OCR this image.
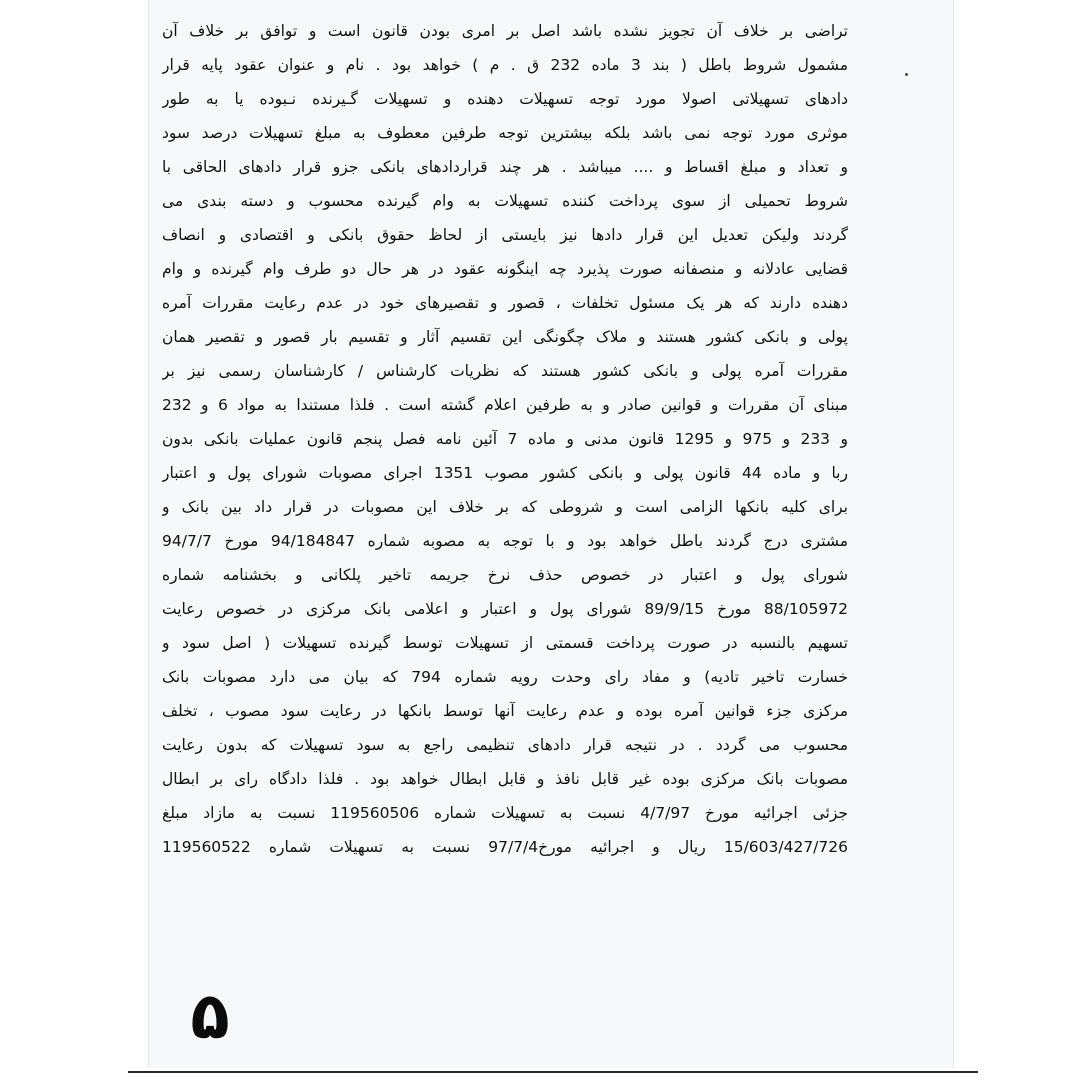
تراضی بر خلاف آن تجویز نشده باشد اصل بر امری بودن قانون است و توافق بر خلاف آن
مشمول شروط باطل ( بند 3 ماده 232 ق . م ) خواهد بود . نام و عنوان عقود پایه قرار
دادهای تسهیلاتی اصولا مورد توجه تسهیلات دهنده و تسهیلات گـیرنده نـبوده یا به طور
موثری مورد توجه نمی باشد بلکه بیشترین توجه طرفین معطوف به مبلغ تسهیلات درصد سود
و تعداد و مبلغ اقساط و .... میباشد . هر چند قراردادهای بانکی جزو قرار دادهای الحاقی با
شروط تحمیلی از سوی پرداخت کننده تسهیلات به وام گیرنده محسوب و دسته بندی می
گردند ولیکن تعدیل این قرار دادها نیز بایستی از لحاظ حقوق بانکی و اقتصادی و انصاف
قضایی عادلانه و منصفانه صورت پذیرد چه اینگونه عقود در هر حال دو طرف وام گیرنده و وام
دهنده دارند که هر یک مسئول تخلفات ، قصور و تقصیرهای خود در عدم رعایت مقررات آمره
پولی و بانکی کشور هستند و ملاک چگونگی این تقسیم آثار و تقسیم بار قصور و تقصیر همان
مقررات آمره پولی و بانکی کشور هستند که نظریات کارشناس / کارشناسان رسمی نیز بر
مبنای آن مقررات و قوانین صادر و به طرفین اعلام گشته است . فلذا مستندا به مواد 6 و 232
و 233 و 975 و 1295 قانون مدنی و ماده 7 آئین نامه فصل پنجم قانون عملیات بانکی بدون
ربا و ماده 44 قانون پولی و بانکی کشور مصوب 1351 اجرای مصوبات شورای پول و اعتبار
برای کلیه بانکها الزامی است و شروطی که بر خلاف این مصوبات در قرار داد بین بانک و
مشتری درج گردند باطل خواهد بود و با توجه به مصوبه شماره 94/184847 مورخ 94/7/7
شورای پول و اعتبار در خصوص حذف نرخ جریمه تاخیر پلکانی و بخشنامه شماره
88/105972 مورخ 89/9/15 شورای پول و اعتبار و اعلامی بانک مرکزی در خصوص رعایت
تسهیم بالنسبه در صورت پرداخت قسمتی از تسهیلات توسط گیرنده تسهیلات ( اصل سود و
خسارت تاخیر تادیه) و مفاد رای وحدت رویه شماره 794 که بیان می دارد مصوبات بانک
مرکزی جزء قوانین آمره بوده و عدم رعایت آنها توسط بانکها در رعایت سود مصوب ، تخلف
محسوب می گردد . در نتیجه قرار دادهای تنظیمی راجع به سود تسهیلات که بدون رعایت
مصوبات بانک مرکزی بوده غیر قابل نافذ و قابل ابطال خواهد بود . فلذا دادگاه رای بر ابطال
جزئی اجرائیه مورخ 4/7/97 نسبت به تسهیلات شماره 119560506 نسبت به مازاد مبلغ
15/603/427/726 ریال و اجرائیه مورخ97/7/4 نسبت به تسهیلات شماره 119560522
۵
